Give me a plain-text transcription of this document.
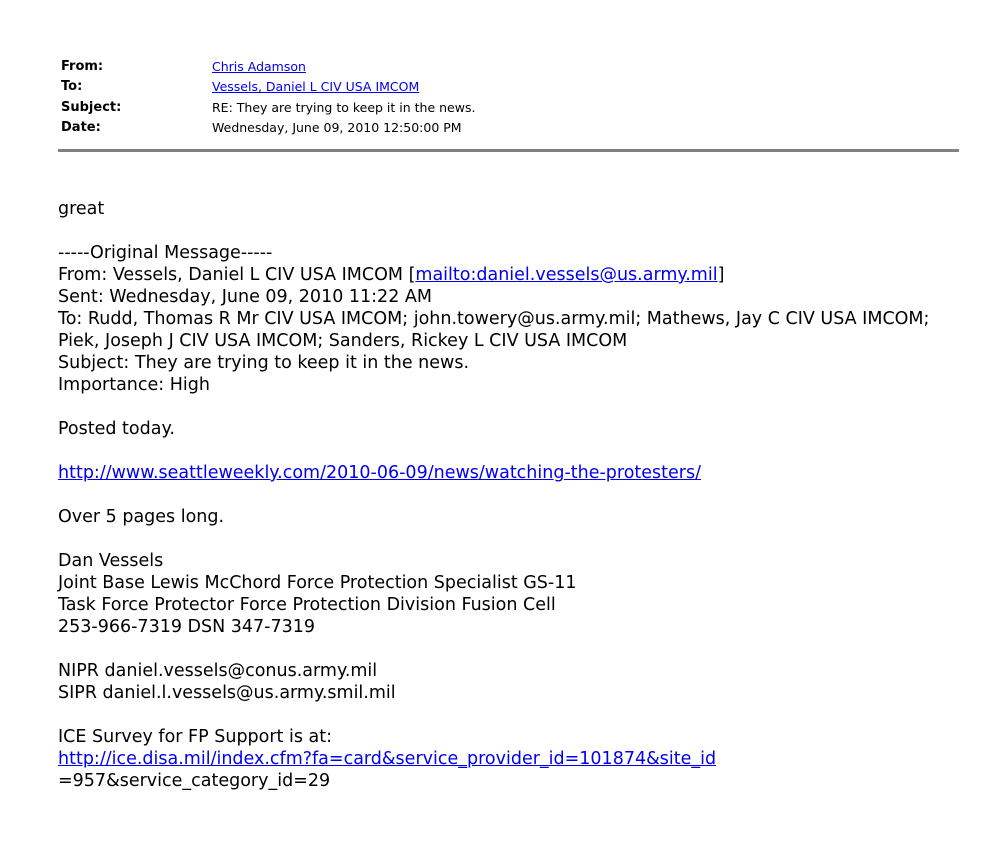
From:	Chris Adamson
To:	Vessels, Daniel L CIV USA IMCOM
Subject:	RE: They are trying to keep it in the news.
Date:	Wednesday, June 09, 2010 12:50:00 PM
great
-----Original Message-----
From: Vessels, Daniel L CIV USA IMCOM [mailto:daniel.vessels@us.army.mil]
Sent: Wednesday, June 09, 2010 11:22 AM
To: Rudd, Thomas R Mr CIV USA IMCOM; john.towery@us.army.mil; Mathews, Jay C CIV USA IMCOM;
Piek, Joseph J CIV USA IMCOM; Sanders, Rickey L CIV USA IMCOM
Subject: They are trying to keep it in the news.
Importance: High
Posted today.
http://www.seattleweekly.com/2010-06-09/news/watching-the-protesters/
Over 5 pages long.
Dan Vessels
Joint Base Lewis McChord Force Protection Specialist GS-11
Task Force Protector Force Protection Division Fusion Cell
253-966-7319 DSN 347-7319
NIPR daniel.vessels@conus.army.mil
SIPR daniel.l.vessels@us.army.smil.mil
ICE Survey for FP Support is at:
http://ice.disa.mil/index.cfm?fa=card&service_provider_id=101874&site_id
=957&service_category_id=29
